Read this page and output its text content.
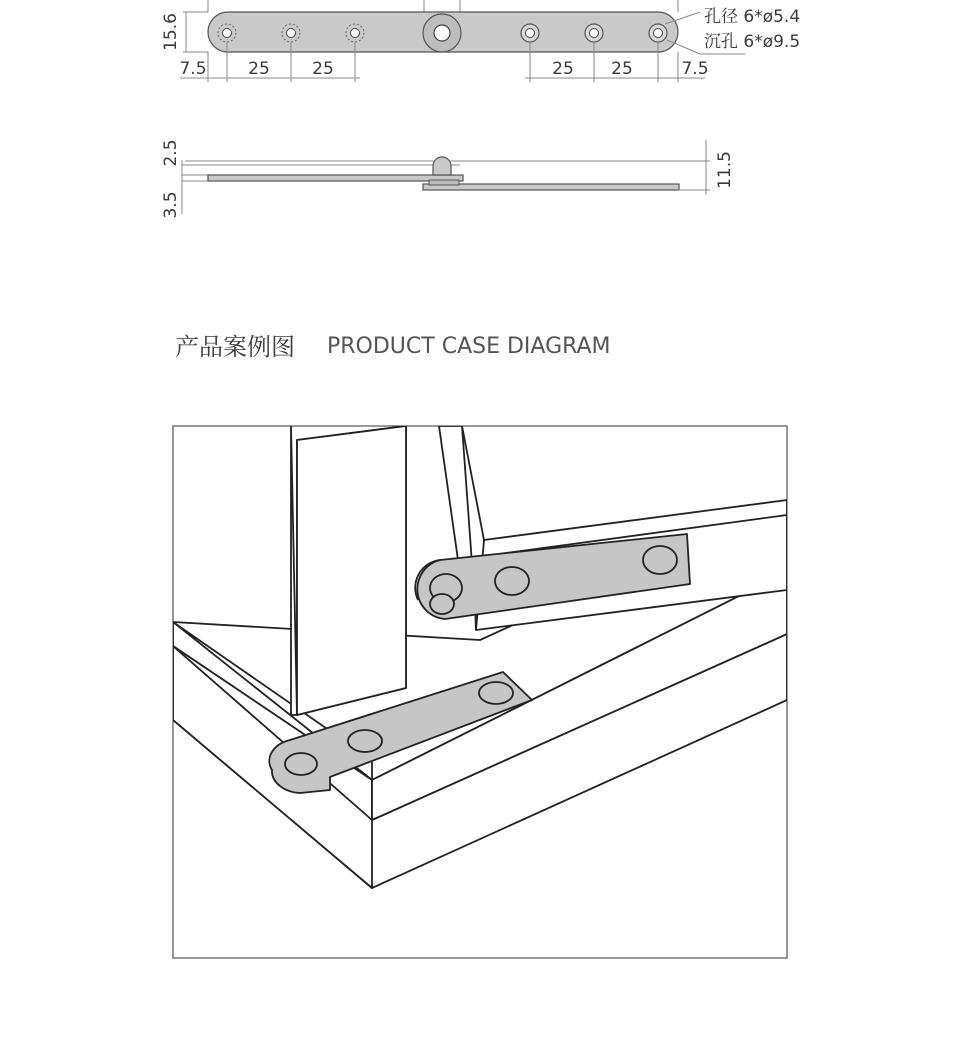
15.6
7.5 25 25	25 25	7.5
孔径 6*ø5.4
沉孔 6*ø9.5
2.5
3.5
11.5
产品案例图 PRODUCT CASE DIAGRAM
